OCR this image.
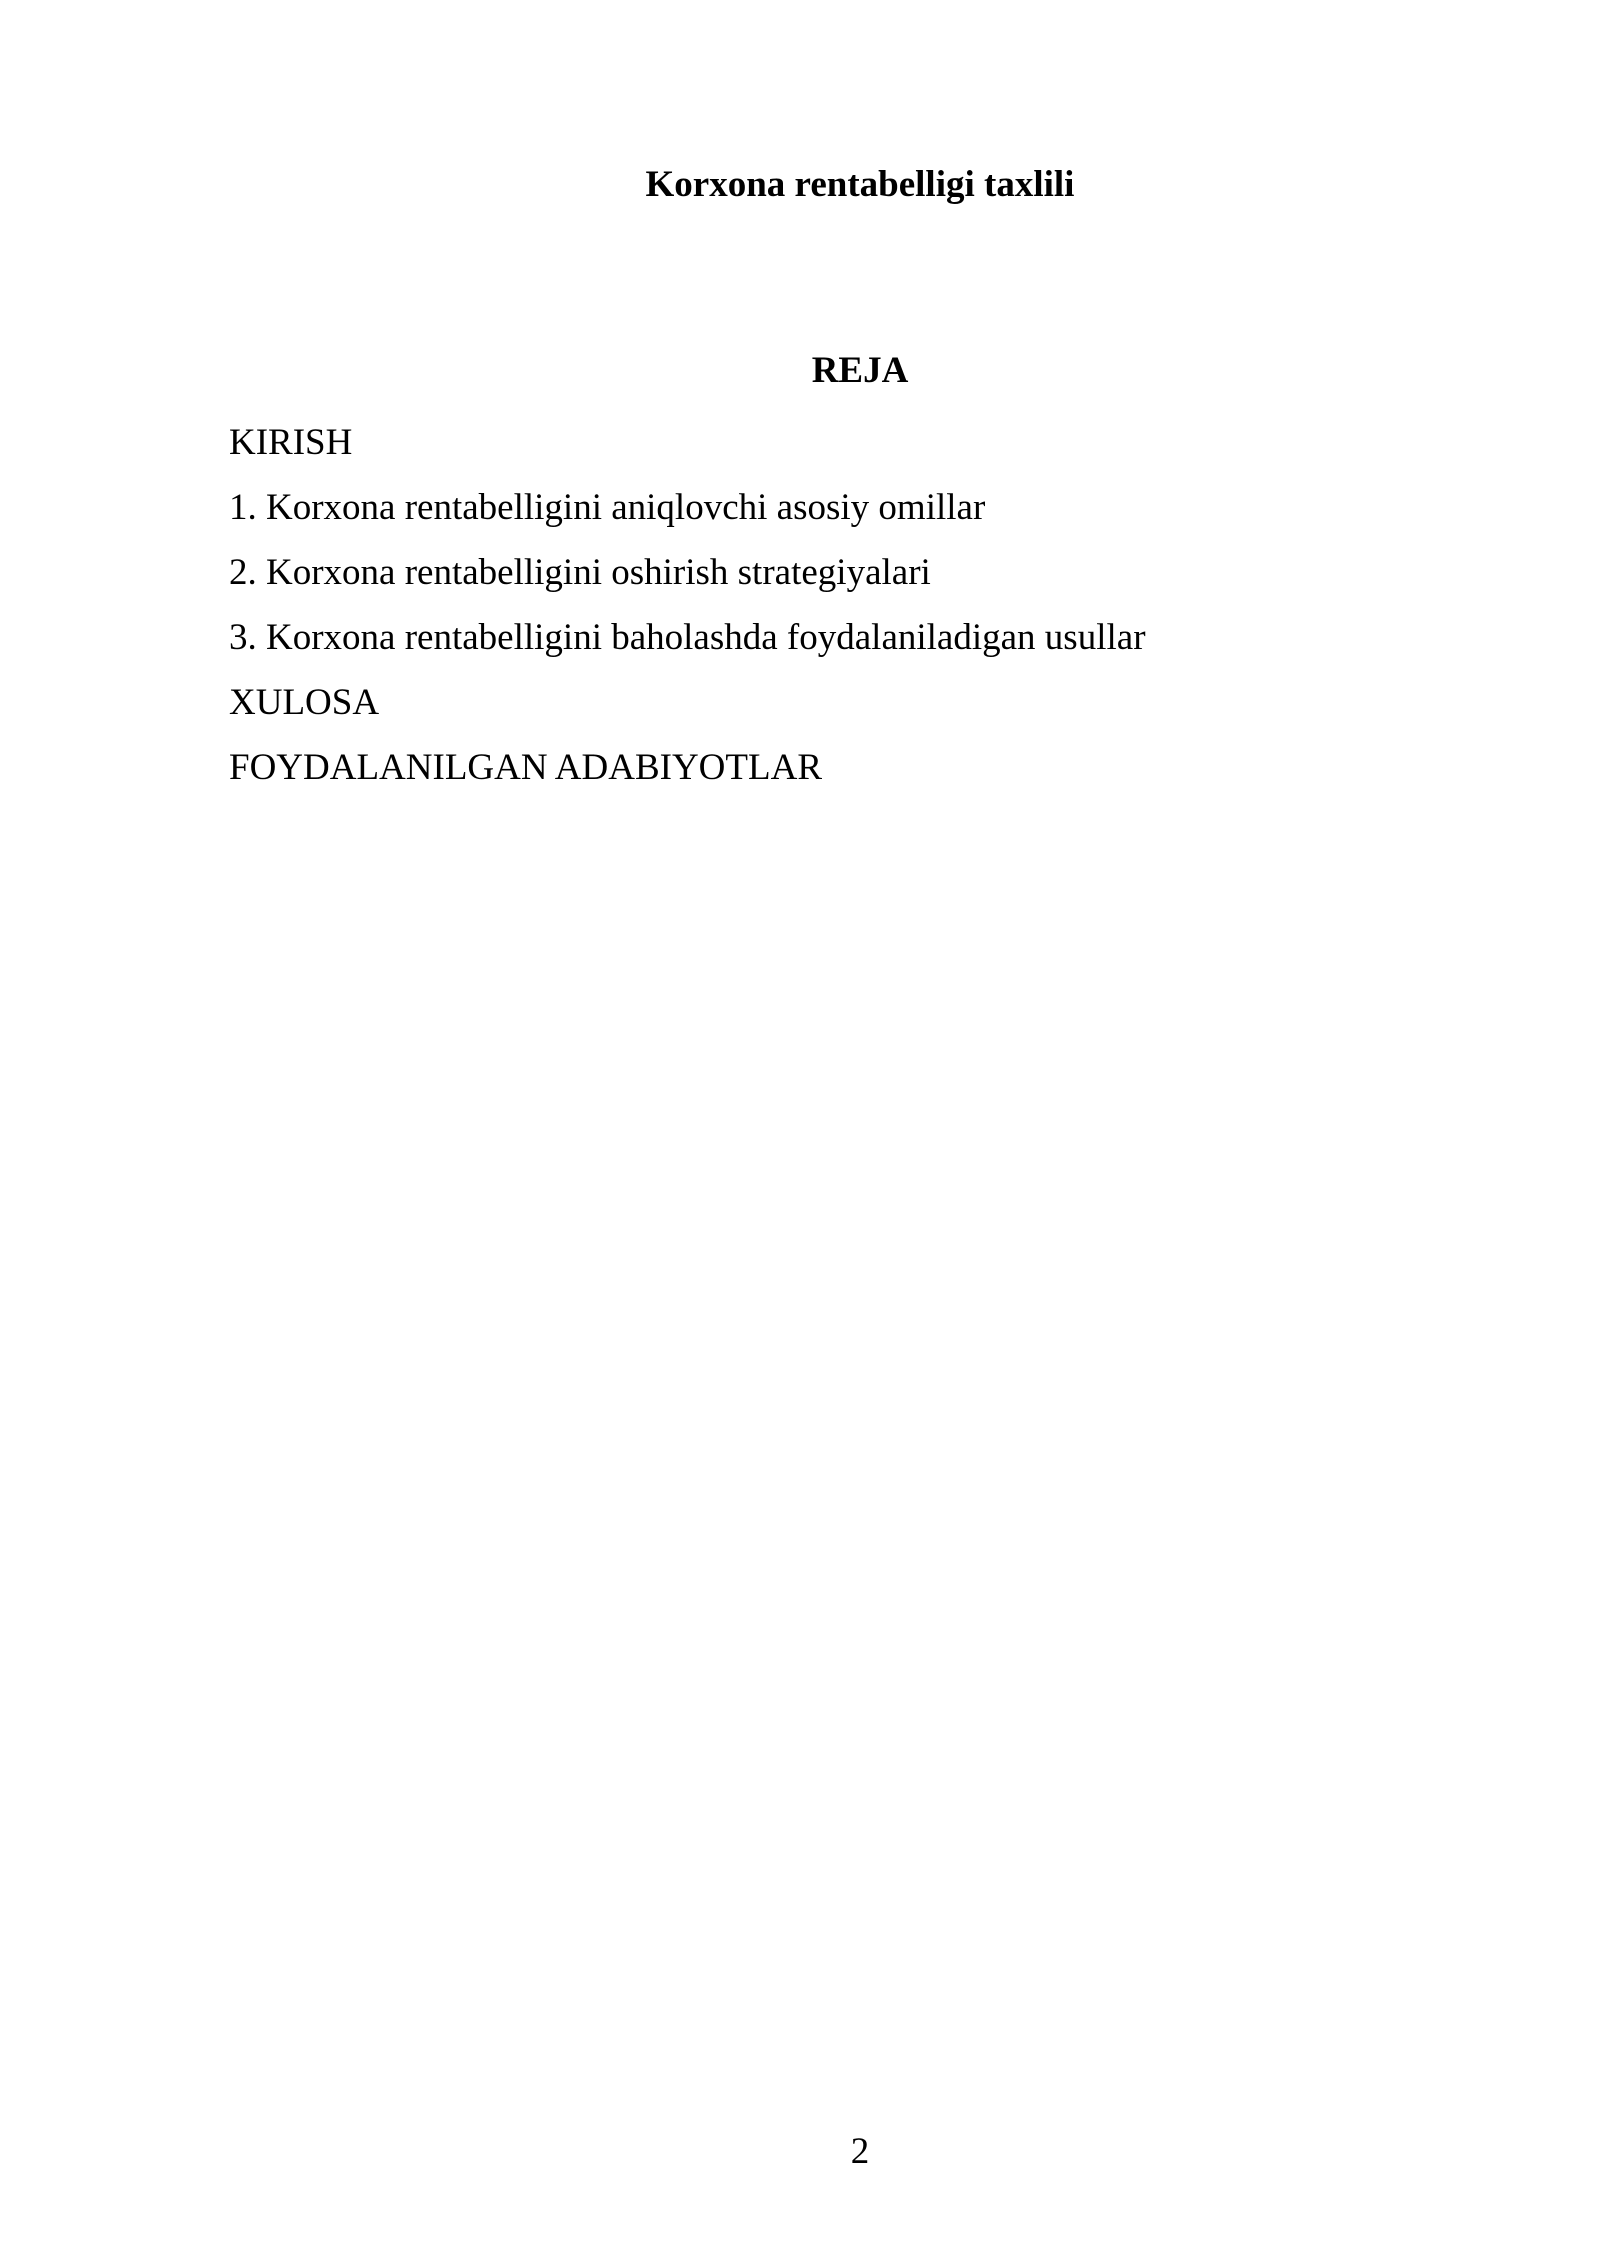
Korxona rentabelligi taxlili
REJA
KIRISH
1. Korxona rentabelligini aniqlovchi asosiy omillar
2. Korxona rentabelligini oshirish strategiyalari
3. Korxona rentabelligini baholashda foydalaniladigan usullar
XULOSA
FOYDALANILGAN ADABIYOTLAR
2
